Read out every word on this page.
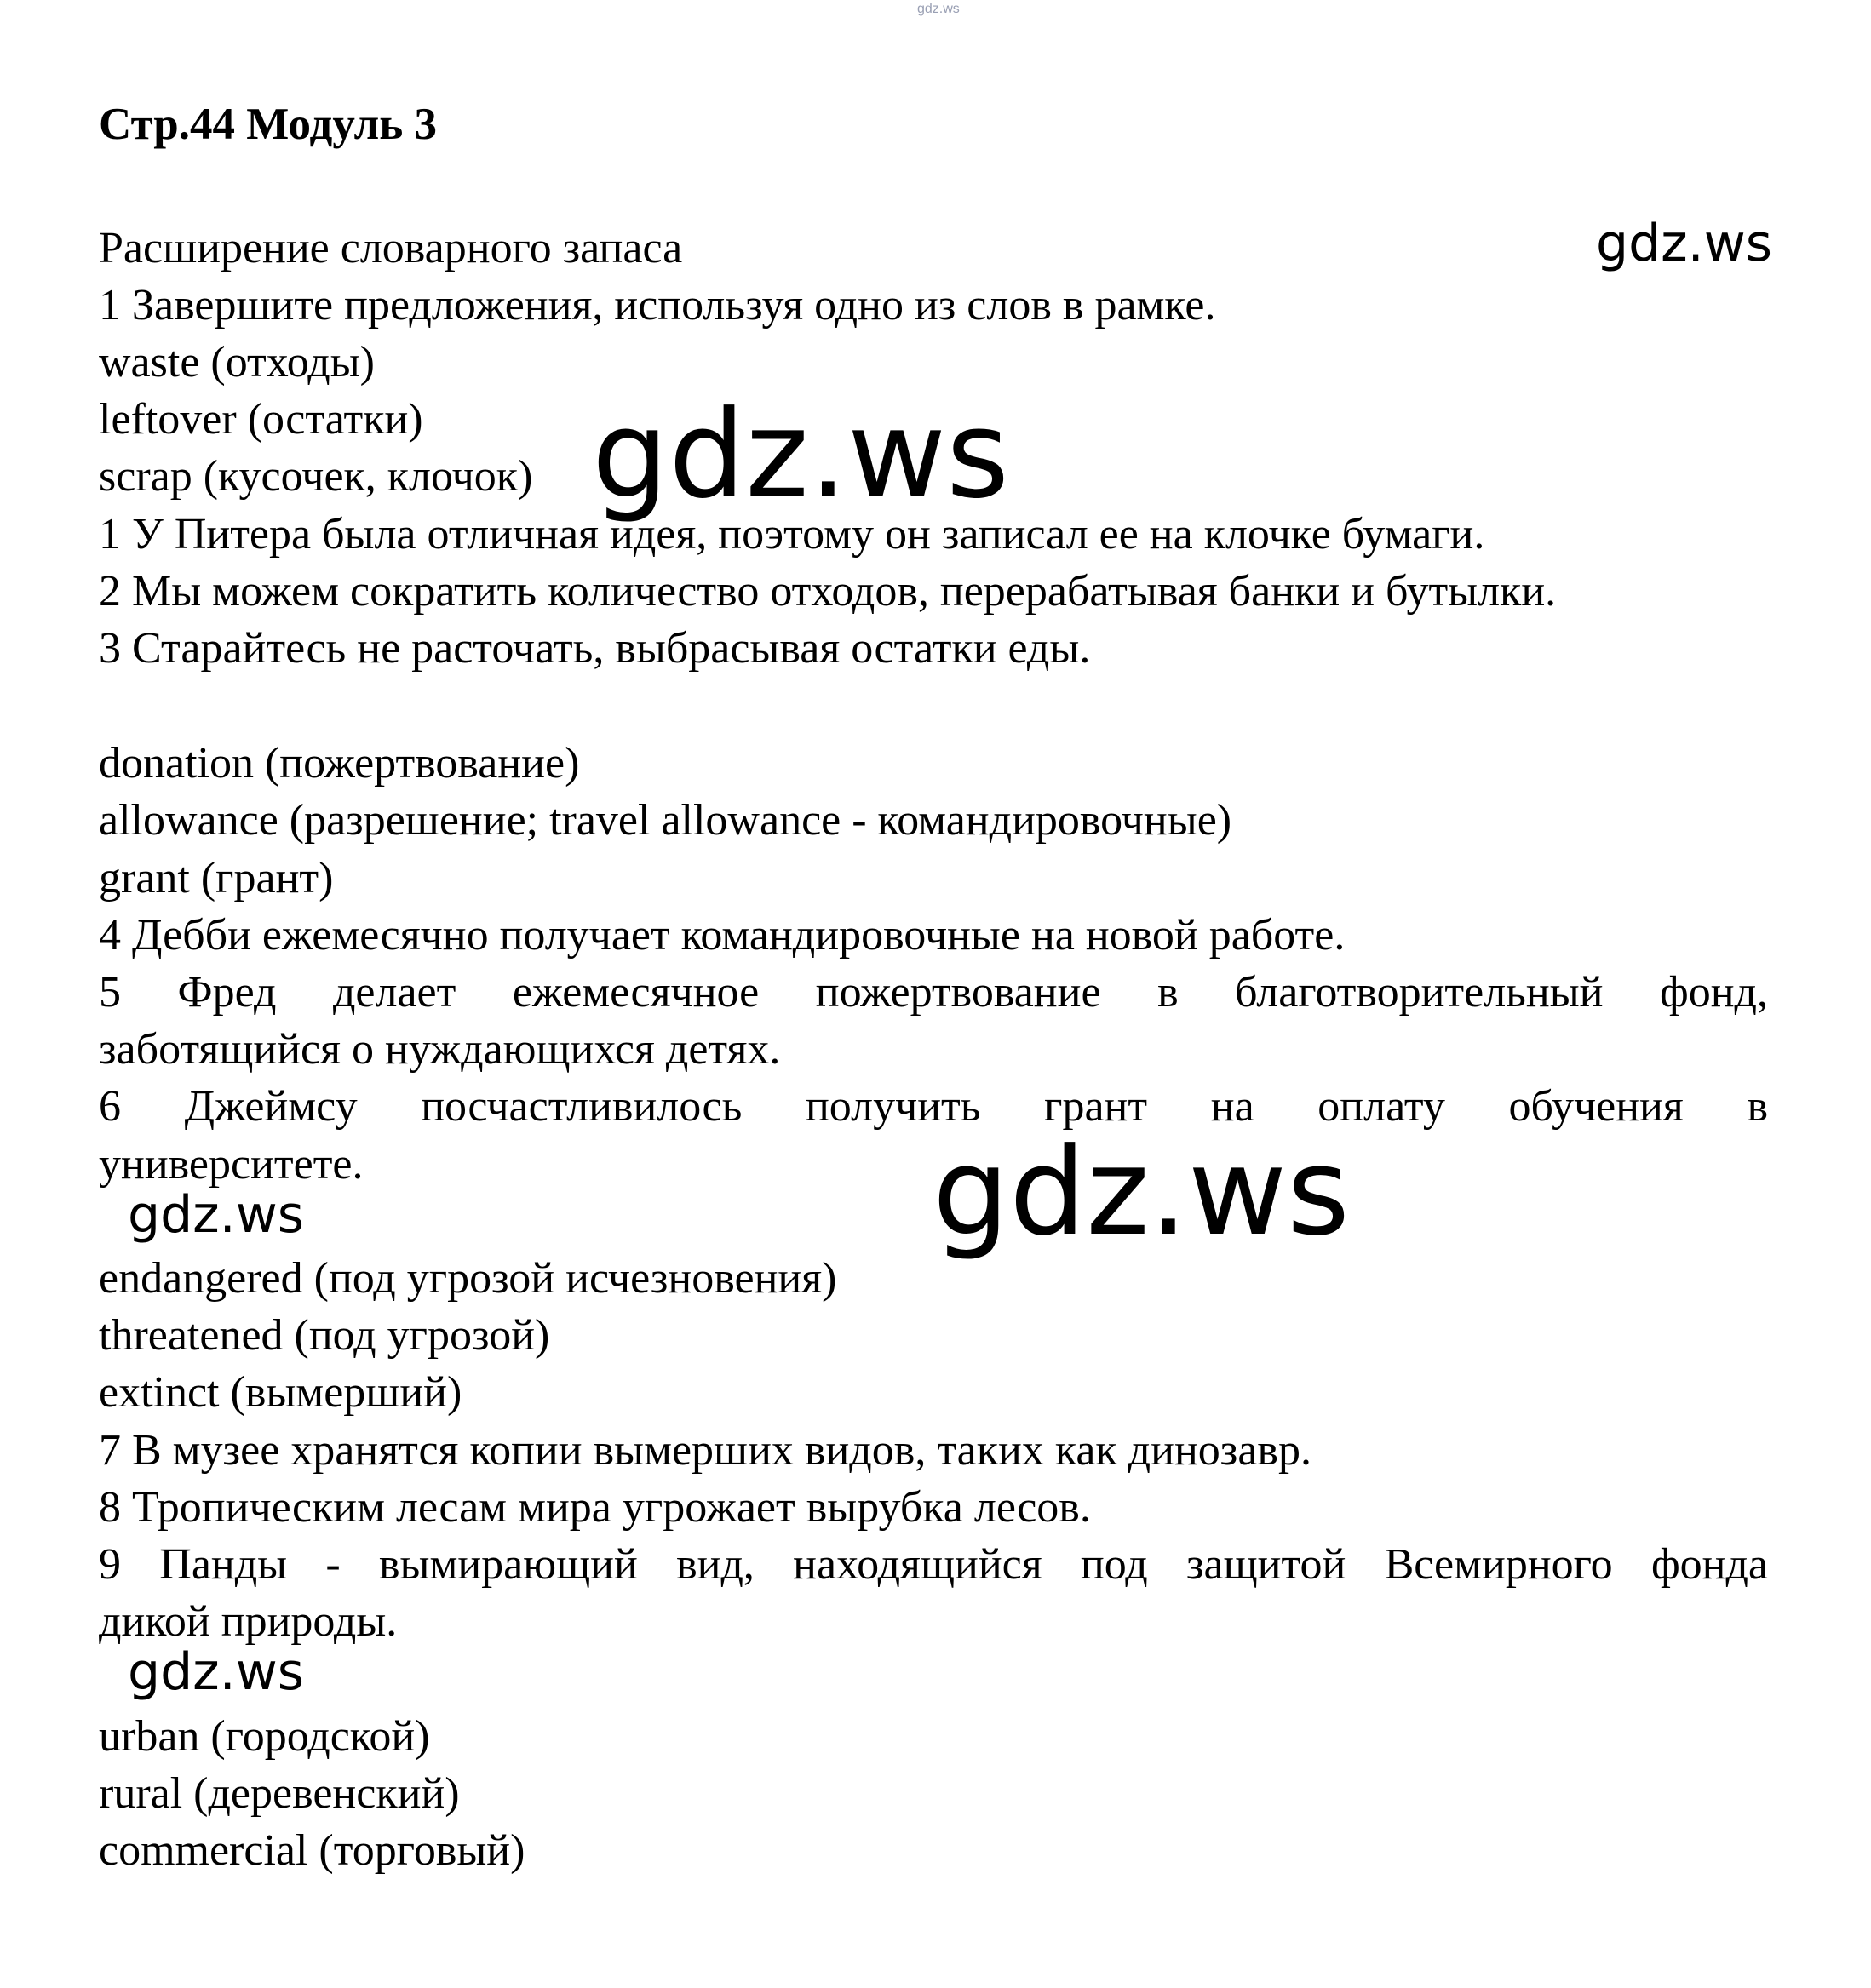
gdz.ws
Стр.44 Модуль 3
Расширение словарного запаса	gdz.ws
1 Завершите предложения, используя одно из слов в рамке.
waste (отходы)
leftover (остатки)
scrap (кусочек, клочок)
1 У Питера была отличная идея, поэтому он записал ее на клочке бумаги.
2 Мы можем сократить количество отходов, перерабатывая банки и бутылки.
3 Старайтесь не расточать, выбрасывая остатки еды.
gdz.ws
donation (пожертвование)
allowance (разрешение; travel allowance - командировочные)
grant (грант)
4 Дебби ежемесячно получает командировочные на новой работе.
5 Фред делает ежемесячное пожертвование в благотворительный фонд,
заботящийся о нуждающихся детях.
6 Джеймсу посчастливилось получить грант на оплату обучения в
университете.	gdz.ws
gdz.ws
endangered (под угрозой исчезновения)
threatened (под угрозой)
extinct (вымерший)
7 В музее хранятся копии вымерших видов, таких как динозавр.
8 Тропическим лесам мира угрожает вырубка лесов.
9 Панды - вымирающий вид, находящийся под защитой Всемирного фонда
дикой природы.
gdz.ws
urban (городской)
rural (деревенский)
commercial (торговый)
